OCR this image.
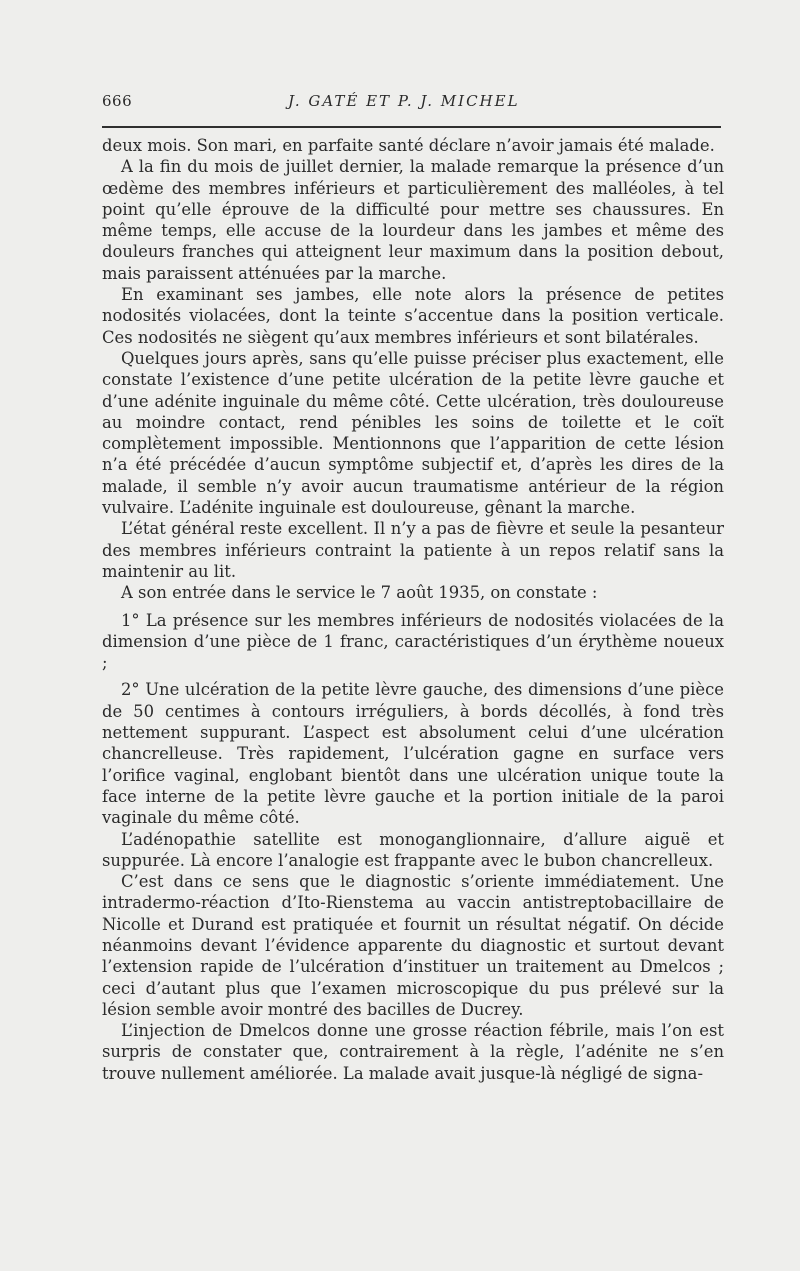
666	J. GATÉ ET P. J. MICHEL

deux mois. Son mari, en parfaite santé déclare n’avoir jamais été malade.

A la fin du mois de juillet dernier, la malade remarque la présence d’un œdème des membres inférieurs et particulièrement des malléoles, à tel point qu’elle éprouve de la difficulté pour mettre ses chaussures. En même temps, elle accuse de la lourdeur dans les jambes et même des douleurs franches qui atteignent leur maximum dans la position debout, mais paraissent atténuées par la marche.

En examinant ses jambes, elle note alors la présence de petites nodosités violacées, dont la teinte s’accentue dans la position verticale. Ces nodosités ne siègent qu’aux membres inférieurs et sont bilatérales.

Quelques jours après, sans qu’elle puisse préciser plus exactement, elle constate l’existence d’une petite ulcération de la petite lèvre gauche et d’une adénite inguinale du même côté. Cette ulcération, très douloureuse au moindre contact, rend pénibles les soins de toilette et le coït complètement impossible. Mentionnons que l’apparition de cette lésion n’a été précédée d’aucun symptôme subjectif et, d’après les dires de la malade, il semble n’y avoir aucun traumatisme antérieur de la région vulvaire. L’adénite inguinale est douloureuse, gênant la marche.

L’état général reste excellent. Il n’y a pas de fièvre et seule la pesanteur des membres inférieurs contraint la patiente à un repos relatif sans la maintenir au lit.

A son entrée dans le service le 7 août 1935, on constate :

1° La présence sur les membres inférieurs de nodosités violacées de la dimension d’une pièce de 1 franc, caractéristiques d’un érythème noueux ;

2° Une ulcération de la petite lèvre gauche, des dimensions d’une pièce de 50 centimes à contours irréguliers, à bords décollés, à fond très nettement suppurant. L’aspect est absolument celui d’une ulcération chancrelleuse. Très rapidement, l’ulcération gagne en surface vers l’orifice vaginal, englobant bientôt dans une ulcération unique toute la face interne de la petite lèvre gauche et la portion initiale de la paroi vaginale du même côté.

L’adénopathie satellite est monoganglionnaire, d’allure aiguë et suppurée. Là encore l’analogie est frappante avec le bubon chancrelleux.

C’est dans ce sens que le diagnostic s’oriente immédiatement. Une intradermo-réaction d’Ito-Rienstema au vaccin antistreptobacillaire de Nicolle et Durand est pratiquée et fournit un résultat négatif. On décide néanmoins devant l’évidence apparente du diagnostic et surtout devant l’extension rapide de l’ulcération d’instituer un traitement au Dmelcos ; ceci d’autant plus que l’examen microscopique du pus prélevé sur la lésion semble avoir montré des bacilles de Ducrey.

L’injection de Dmelcos donne une grosse réaction fébrile, mais l’on est surpris de constater que, contrairement à la règle, l’adénite ne s’en trouve nullement améliorée. La malade avait jusque-là négligé de signa-
